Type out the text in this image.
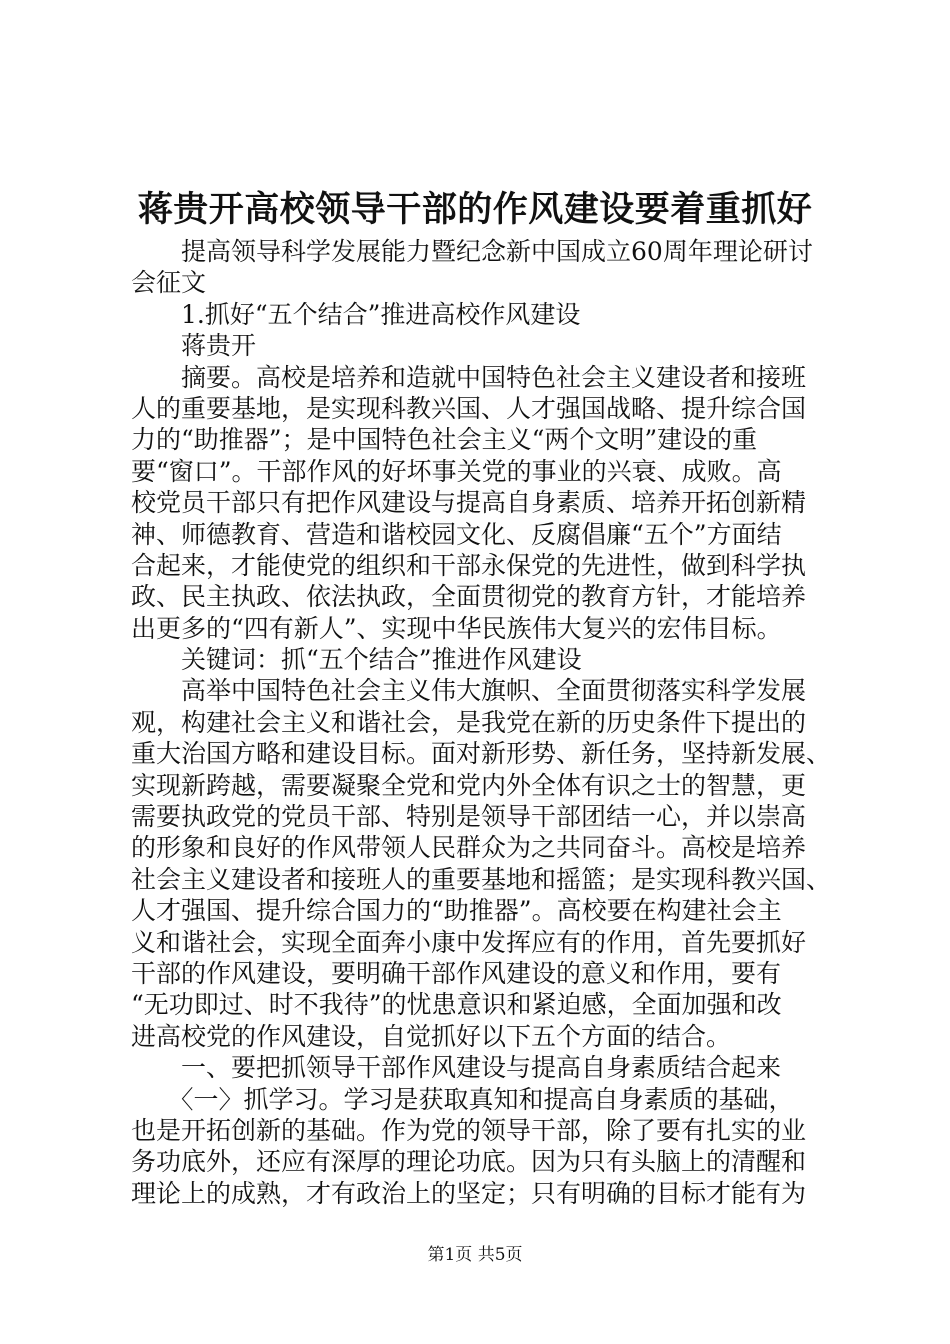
蒋贵开高校领导干部的作风建设要着重抓好
　　提高领导科学发展能力暨纪念新中国成立60周年理论研讨
会征文
　　1.抓好“五个结合”推进高校作风建设
　　蒋贵开
　　摘要。高校是培养和造就中国特色社会主义建设者和接班
人的重要基地，是实现科教兴国、人才强国战略、提升综合国
力的“助推器”；是中国特色社会主义“两个文明”建设的重
要“窗口”。干部作风的好坏事关党的事业的兴衰、成败。高
校党员干部只有把作风建设与提高自身素质、培养开拓创新精
神、师德教育、营造和谐校园文化、反腐倡廉“五个”方面结
合起来，才能使党的组织和干部永保党的先进性，做到科学执
政、民主执政、依法执政，全面贯彻党的教育方针，才能培养
出更多的“四有新人”、实现中华民族伟大复兴的宏伟目标。
　　关键词：抓“五个结合”推进作风建设
　　高举中国特色社会主义伟大旗帜、全面贯彻落实科学发展
观，构建社会主义和谐社会，是我党在新的历史条件下提出的
重大治国方略和建设目标。面对新形势、新任务，坚持新发展、
实现新跨越，需要凝聚全党和党内外全体有识之士的智慧，更
需要执政党的党员干部、特别是领导干部团结一心，并以崇高
的形象和良好的作风带领人民群众为之共同奋斗。高校是培养
社会主义建设者和接班人的重要基地和摇篮；是实现科教兴国、
人才强国、提升综合国力的“助推器”。高校要在构建社会主
义和谐社会，实现全面奔小康中发挥应有的作用，首先要抓好
干部的作风建设，要明确干部作风建设的意义和作用，要有
“无功即过、时不我待”的忧患意识和紧迫感，全面加强和改
进高校党的作风建设，自觉抓好以下五个方面的结合。
　　一、要把抓领导干部作风建设与提高自身素质结合起来
　　〈一〉抓学习。学习是获取真知和提高自身素质的基础，
也是开拓创新的基础。作为党的领导干部，除了要有扎实的业
务功底外，还应有深厚的理论功底。因为只有头脑上的清醒和
理论上的成熟，才有政治上的坚定；只有明确的目标才能有为
第1页 共5页
